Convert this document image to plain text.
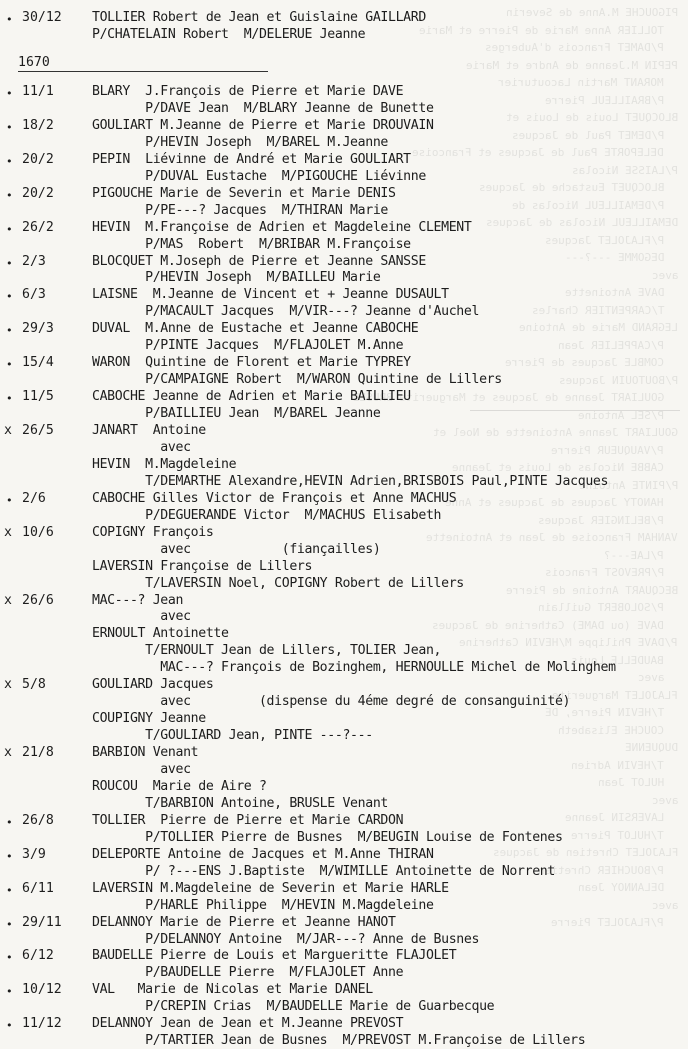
PIGOUCHE M.Anne de Severin
TOLLIER Anne Marie de Pierre et Marie
P/DAMET Francois d'Auberges
PEPIN M.Jeanne de Andre et Marie
MORANT Martin Lacouturier
P/BRAILLEUL Pierre
BLOCQUET Louis de Louis et
P/DEMET Paul de Jacques
DELEPORTE Paul de Jacques et Francoise
P/LAISSE Nicolas
BLOCQUET Eustache de Jacques
P/DEMAILLEUL Nicolas de
DEMAILLEUL Nicolas de Jacques
P/FLAJOLET Jacques
DEGOMME ---?---
avec
DAVE Antoinette
T/CARPENTIER Charles
LEGRAND Marie de Antoine
P/CAPPELIER Jean
COMBLE Jacques de Pierre
P/BOUTOUIN Jacques
GOULIART Jeanne de Jacques et Marguerite BRUSLE
P/SEL Antoine
GOULIART Jeanne Antoinette de Noel et
P/VAUQUEUR Pierre
CABBE Nicolas de Louis et Jeanne
P/PINTE Antoine
HANOTY Jacques de Jacques et Anne
P/BELINGIER Jacques
VANHAM Francoise de Jean et Antoinette
P/LAE---?
P/PREVOST Francois
BECQUART Antoine de Pierre
P/SOLOBERT Guillain
DAVE (ou DAME) Catherine de Jacques
P/DAVE Philippe M/HEVIN Catherine
BAUDELLE Louis
avec
FLAJOLET Marguerite
T/HEVIN Pierre, DE
COUCHE Elisabeth
DUQUENNE
T/HEVIN Adrien
HULOT Jean
avec
LAVERSIN Jeanne
T/HULOT Pierre
FLAJOLET Chretien de Jacques
P/BOUCHIER Chretien
DELANNOY Jean
avec
P/FLAJOLET Pierre
• 30/12 TOLLIER Robert de Jean et Guislaine GAILLARD
P/CHATELAIN Robert  M/DELERUE Jeanne
1670
• 11/1	BLARY  J.François de Pierre et Marie DAVE
P/DAVE Jean  M/BLARY Jeanne de Bunette
• 18/2	GOULIART M.Jeanne de Pierre et Marie DROUVAIN
P/HEVIN Joseph  M/BAREL M.Jeanne
• 20/2	PEPIN  Liévinne de André et Marie GOULIART
P/DUVAL Eustache  M/PIGOUCHE Liévinne
• 20/2	PIGOUCHE Marie de Severin et Marie DENIS
P/PE---? Jacques  M/THIRAN Marie
• 26/2	HEVIN  M.Françoise de Adrien et Magdeleine CLEMENT
P/MAS  Robert  M/BRIBAR M.Françoise
• 2/3	BLOCQUET M.Joseph de Pierre et Jeanne SANSSE
P/HEVIN Joseph  M/BAILLEU Marie
• 6/3	LAISNE  M.Jeanne de Vincent et + Jeanne DUSAULT
P/MACAULT Jacques  M/VIR---? Jeanne d'Auchel
• 29/3	DUVAL  M.Anne de Eustache et Jeanne CABOCHE
P/PINTE Jacques  M/FLAJOLET M.Anne
• 15/4	WARON  Quintine de Florent et Marie TYPREY
P/CAMPAIGNE Robert  M/WARON Quintine de Lillers
• 11/5	CABOCHE Jeanne de Adrien et Marie BAILLIEU
P/BAILLIEU Jean  M/BAREL Jeanne
x 26/5	JANART  Antoine
avec
HEVIN  M.Magdeleine
T/DEMARTHE Alexandre,HEVIN Adrien,BRISBOIS Paul,PINTE Jacques
• 2/6	CABOCHE Gilles Victor de François et Anne MACHUS
P/DEGUERANDE Victor  M/MACHUS Elisabeth
x 10/6	COPIGNY François
avec            (fiançailles)
LAVERSIN Françoise de Lillers
T/LAVERSIN Noel, COPIGNY Robert de Lillers
x 26/6	MAC---? Jean
avec
ERNOULT Antoinette
T/ERNOULT Jean de Lillers, TOLIER Jean,
MAC---? François de Bozinghem, HERNOULLE Michel de Molinghem
x 5/8	GOULIARD Jacques
avec         (dispense du 4éme degré de consanguinité)
COUPIGNY Jeanne
T/GOULIARD Jean, PINTE ---?---
x 21/8	BARBION Venant
avec
ROUCOU  Marie de Aire ?
T/BARBION Antoine, BRUSLE Venant
• 26/8	TOLLIER  Pierre de Pierre et Marie CARDON
P/TOLLIER Pierre de Busnes  M/BEUGIN Louise de Fontenes
• 3/9	DELEPORTE Antoine de Jacques et M.Anne THIRAN
P/ ?---ENS J.Baptiste  M/WIMILLE Antoinette de Norrent
• 6/11	LAVERSIN M.Magdeleine de Severin et Marie HARLE
P/HARLE Philippe  M/HEVIN M.Magdeleine
• 29/11 DELANNOY Marie de Pierre et Jeanne HANOT
P/DELANNOY Antoine  M/JAR---? Anne de Busnes
• 6/12	BAUDELLE Pierre de Louis et Margueritte FLAJOLET
P/BAUDELLE Pierre  M/FLAJOLET Anne
• 10/12 VAL   Marie de Nicolas et Marie DANEL
P/CREPIN Crias  M/BAUDELLE Marie de Guarbecque
• 11/12 DELANNOY Jean de Jean et M.Jeanne PREVOST
P/TARTIER Jean de Busnes  M/PREVOST M.Françoise de Lillers
